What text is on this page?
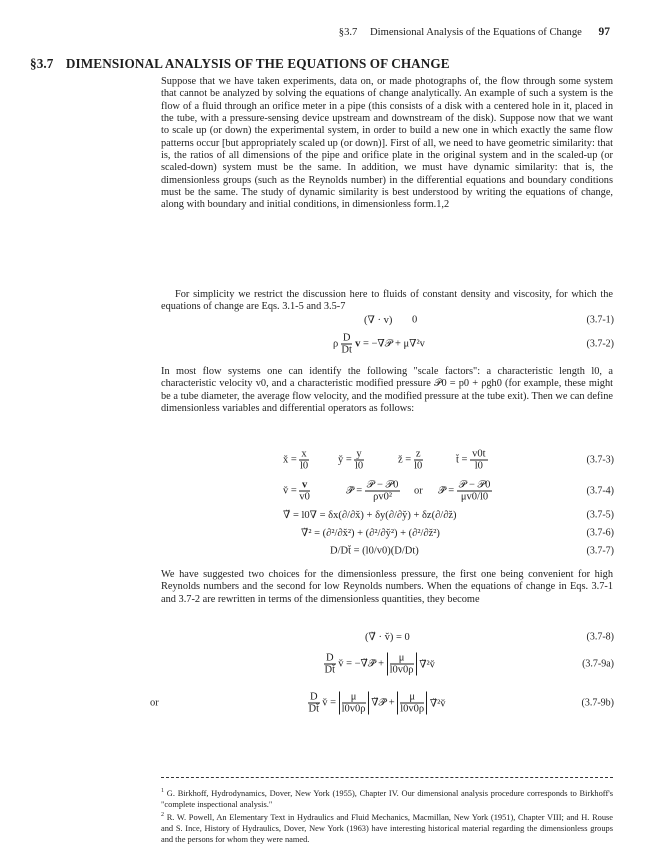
§3.7 Dimensional Analysis of the Equations of Change 97
§3.7 DIMENSIONAL ANALYSIS OF THE EQUATIONS OF CHANGE
Suppose that we have taken experiments, data on, or made photographs of, the flow through some system that cannot be analyzed by solving the equations of change analytically. An example of such a system is the flow of a fluid through an orifice meter in a pipe (this consists of a disk with a centered hole in it, placed in the tube, with a pressure-sensing device upstream and downstream of the disk). Suppose now that we want to scale up (or down) the experimental system, in order to build a new one in which exactly the same flow patterns occur [but appropriately scaled up (or down)]. First of all, we need to have geometric similarity: that is, the ratios of all dimensions of the pipe and orifice plate in the original system and in the scaled-up (or scaled-down) system must be the same. In addition, we must have dynamic similarity: that is, the dimensionless groups (such as the Reynolds number) in the differential equations and boundary conditions must be the same. The study of dynamic similarity is best understood by writing the equations of change, along with boundary and initial conditions, in dimensionless form.1,2
For simplicity we restrict the discussion here to fluids of constant density and viscosity, for which the equations of change are Eqs. 3.1-5 and 3.5-7
(∇ · v) 0	(3.7-1)
ρ $\frac{D}{Dt}$ v = −∇𝒫 + μ∇²v	(3.7-2)
In most flow systems one can identify the following "scale factors": a characteristic length l0, a characteristic velocity v0, and a characteristic modified pressure 𝒫0 = p0 + ρgh0 (for example, these might be a tube diameter, the average flow velocity, and the modified pressure at the tube exit). Then we can define dimensionless variables and differential operators as follows:
x̆ = $\frac{x}{l0}$	y̆ = $\frac{y}{l0}$	z̆ = $\frac{z}{l0}$	t̆ = $\frac{v0t}{l0}$	(3.7-3)
v̆ = $\frac{v}{v0}$	𝒫̆ = $\frac{\text{𝒫 − 𝒫0}}{\text{ρv0²}}$ or 𝒫̆ = $\frac{\text{𝒫 − 𝒫0}}{\mu v0/l0}$	(3.7-4)
∇̆ = l0∇ = δx(∂/∂x̆) + δy(∂/∂y̆) + δz(∂/∂z̆)	(3.7-5)
∇̆² = (∂²/∂x̆²) + (∂²/∂y̆²) + (∂²/∂z̆²)	(3.7-6)
D/Dt̆ = (l0/v0)(D/Dt)	(3.7-7)
We have suggested two choices for the dimensionless pressure, the first one being convenient for high Reynolds numbers and the second for low Reynolds numbers. When the equations of change in Eqs. 3.7-1 and 3.7-2 are rewritten in terms of the dimensionless quantities, they become
(∇̆ · v̆) = 0	(3.7-8)
$\frac{D}{Dt̆}$ v̆ = −∇̆𝒫̆ + $\frac{\mu}{l0v0\rho}$ ∇̆²v̆	(3.7-9a)
or	$\frac{D}{Dt̆}$ v̆ = $\frac{\mu}{l0v0\rho}$ ∇̆𝒫̆ + $\frac{\mu}{l0v0\rho}$ ∇̆²v̆	(3.7-9b)
$^1$ G. Birkhoff, Hydrodynamics, Dover, New York (1955), Chapter IV. Our dimensional analysis procedure corresponds to Birkhoff's "complete inspectional analysis."
$^2$ R. W. Powell, An Elementary Text in Hydraulics and Fluid Mechanics, Macmillan, New York (1951), Chapter VIII; and H. Rouse and S. Ince, History of Hydraulics, Dover, New York (1963) have interesting historical material regarding the dimensionless groups and the persons for whom they were named.
